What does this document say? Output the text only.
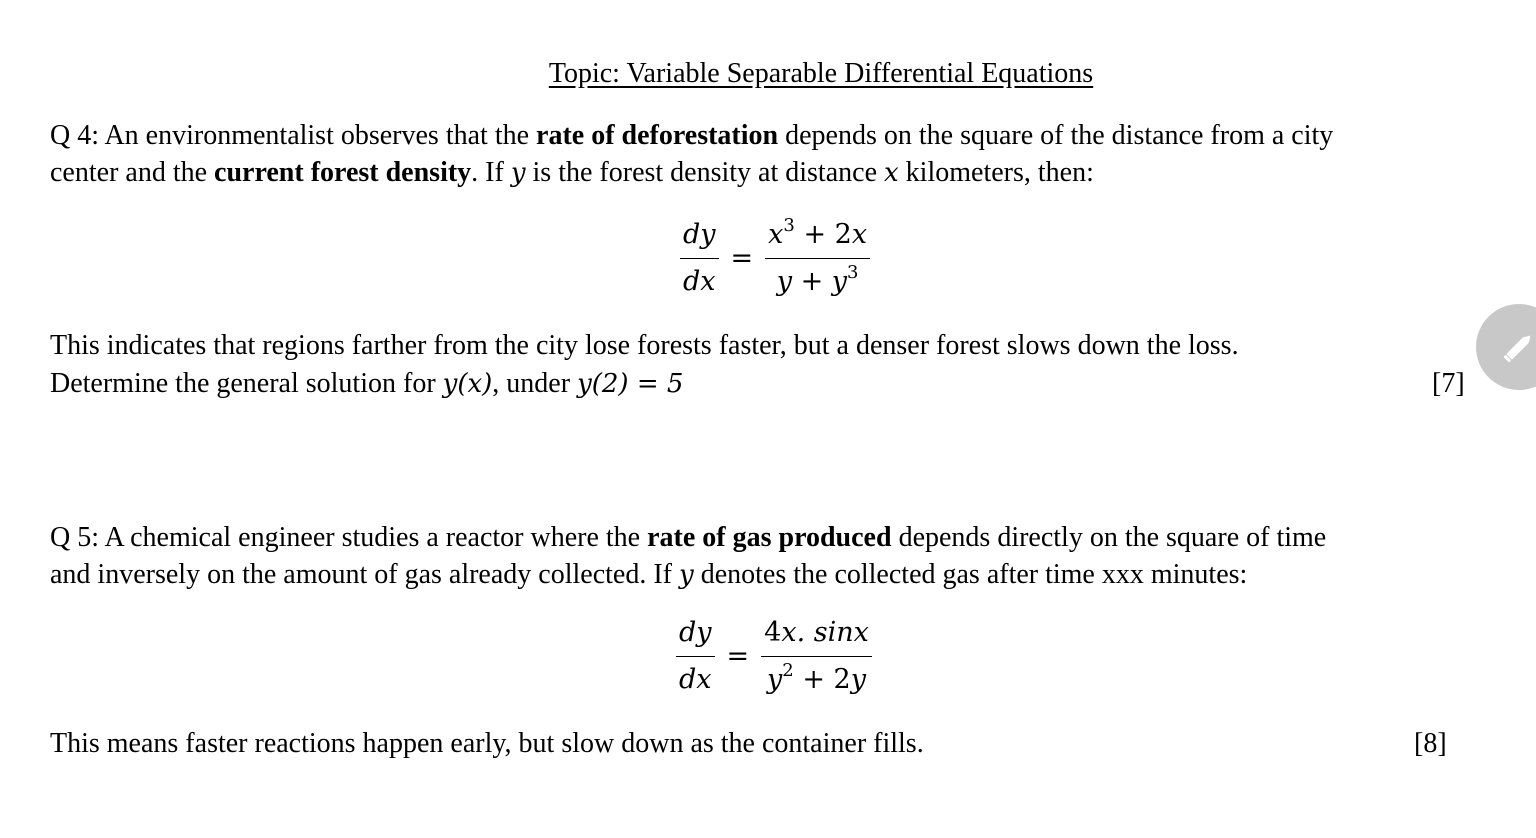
Topic: Variable Separable Differential Equations
Q 4: An environmentalist observes that the rate of deforestation depends on the square of the distance from a city
center and the current forest density. If y is the forest density at distance x kilometers, then:
$\frac{dy}{dx} = \frac{x^3 + 2x}{y + y^3}$
This indicates that regions farther from the city lose forests faster, but a denser forest slows down the loss.
Determine the general solution for y(x), under y(2) = 5	[7]
Q 5: A chemical engineer studies a reactor where the rate of gas produced depends directly on the square of time
and inversely on the amount of gas already collected. If y denotes the collected gas after time xxx minutes:
$\frac{dy}{dx} = \frac{4x. \sin x}{y^2 + 2y}$
This means faster reactions happen early, but slow down as the container fills.	[8]
